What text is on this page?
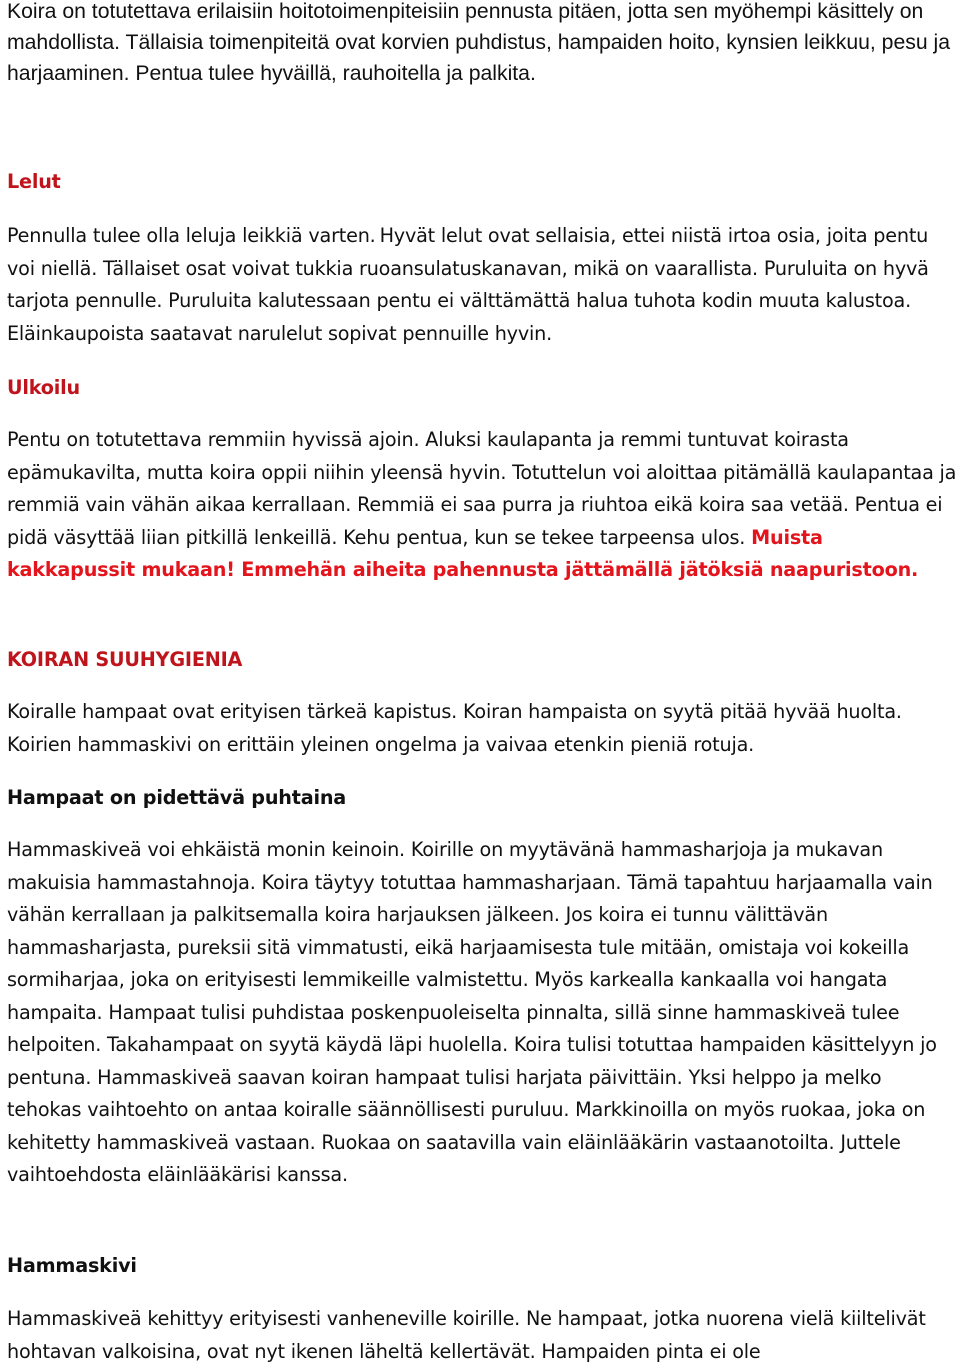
Koira on totutettava erilaisiin hoitotoimenpiteisiin pennusta pitäen, jotta sen myöhempi käsittely on mahdollista. Tällaisia toimenpiteitä ovat korvien puhdistus, hampaiden hoito, kynsien leikkuu, pesu ja harjaaminen. Pentua tulee hyväillä, rauhoitella ja palkita.

Lelut

Pennulla tulee olla leluja leikkiä varten. Hyvät lelut ovat sellaisia, ettei niistä irtoa osia, joita pentu voi niellä. Tällaiset osat voivat tukkia ruoansulatuskanavan, mikä on vaarallista. Puruluita on hyvä tarjota pennulle. Puruluita kalutessaan pentu ei välttämättä halua tuhota kodin muuta kalustoa. Eläinkaupoista saatavat narulelut sopivat pennuille hyvin.

Ulkoilu

Pentu on totutettava remmiin hyvissä ajoin. Aluksi kaulapanta ja remmi tuntuvat koirasta epämukavilta, mutta koira oppii niihin yleensä hyvin. Totuttelun voi aloittaa pitämällä kaulapantaa ja remmiä vain vähän aikaa kerrallaan. Remmiä ei saa purra ja riuhtoa eikä koira saa vetää. Pentua ei pidä väsyttää liian pitkillä lenkeillä. Kehu pentua, kun se tekee tarpeensa ulos. Muista kakkapussit mukaan! Emmehän aiheita pahennusta jättämällä jätöksiä naapuristoon.

KOIRAN SUUHYGIENIA

Koiralle hampaat ovat erityisen tärkeä kapistus. Koiran hampaista on syytä pitää hyvää huolta. Koirien hammaskivi on erittäin yleinen ongelma ja vaivaa etenkin pieniä rotuja.

Hampaat on pidettävä puhtaina

Hammaskiveä voi ehkäistä monin keinoin. Koirille on myytävänä hammasharjoja ja mukavan makuisia hammastahnoja. Koira täytyy totuttaa hammasharjaan. Tämä tapahtuu harjaamalla vain vähän kerrallaan ja palkitsemalla koira harjauksen jälkeen. Jos koira ei tunnu välittävän hammasharjasta, pureksii sitä vimmatusti, eikä harjaamisesta tule mitään, omistaja voi kokeilla sormiharjaa, joka on erityisesti lemmikeille valmistettu. Myös karkealla kankaalla voi hangata hampaita. Hampaat tulisi puhdistaa poskenpuoleiselta pinnalta, sillä sinne hammaskiveä tulee helpoiten. Takahampaat on syytä käydä läpi huolella. Koira tulisi totuttaa hampaiden käsittelyyn jo pentuna. Hammaskiveä saavan koiran hampaat tulisi harjata päivittäin. Yksi helppo ja melko tehokas vaihtoehto on antaa koiralle säännöllisesti puruluu. Markkinoilla on myös ruokaa, joka on kehitetty hammaskiveä vastaan. Ruokaa on saatavilla vain eläinlääkärin vastaanotoilta. Juttele vaihtoehdosta eläinlääkärisi kanssa.

Hammaskivi

Hammaskiveä kehittyy erityisesti vanheneville koirille. Ne hampaat, jotka nuorena vielä kiiltelivät hohtavan valkoisina, ovat nyt ikenen läheltä kellertävät. Hampaiden pinta ei ole
